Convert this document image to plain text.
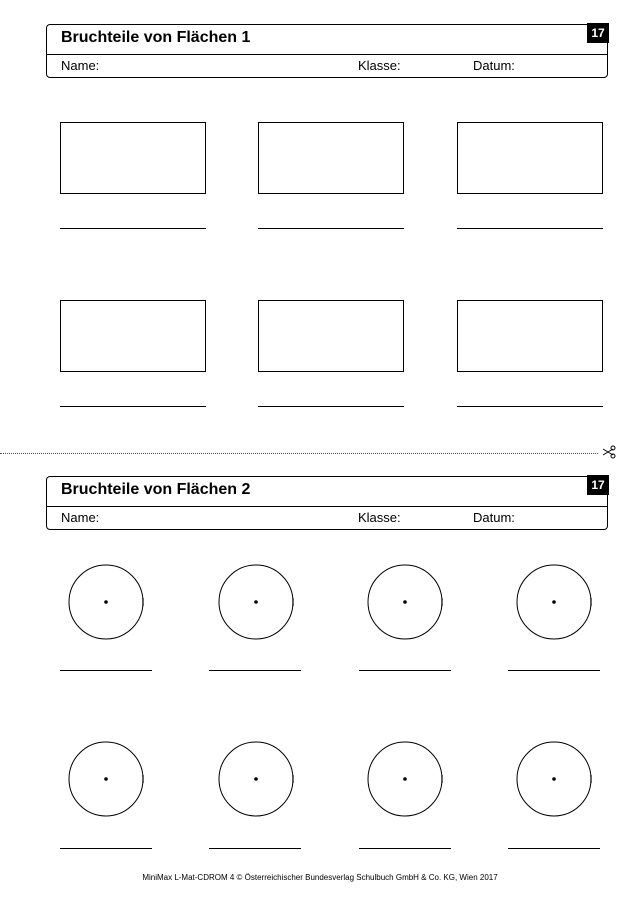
Bruchteile von Flächen 1	17
Name:	Klasse:	Datum:
Bruchteile von Flächen 2	17
Name:	Klasse:	Datum:
MiniMax L-Mat-CDROM 4 © Österreichischer Bundesverlag Schulbuch GmbH & Co. KG, Wien 2017
